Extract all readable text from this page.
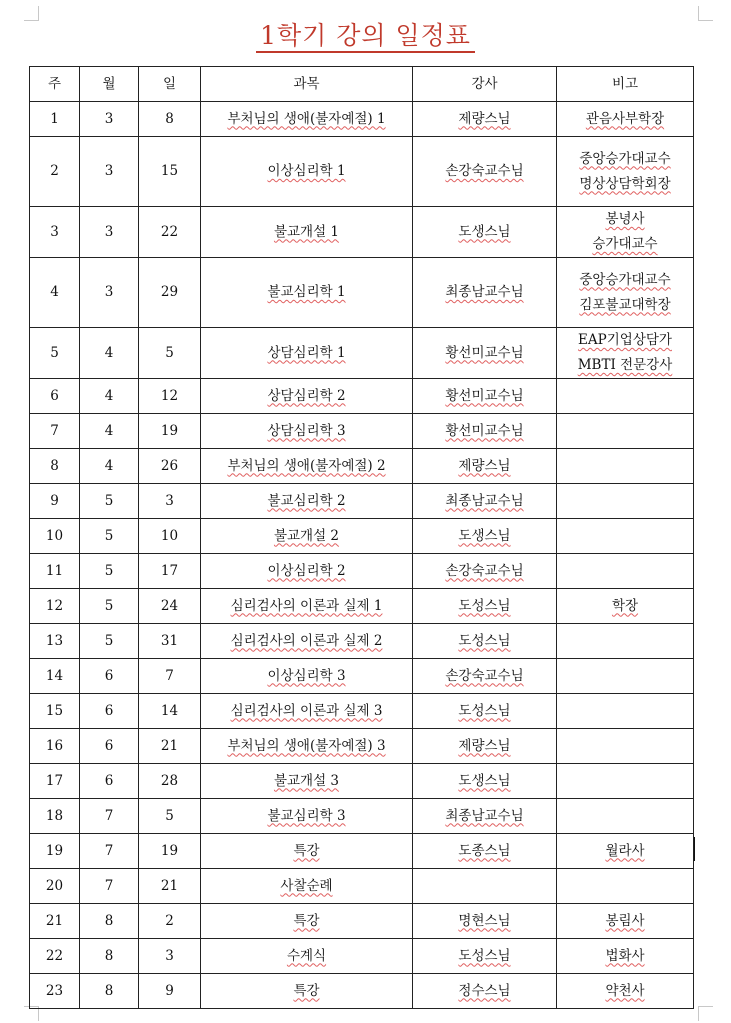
1학기 강의 일정표
주	월	일	과목	강사	비고
1	3	8	부처님의 생애(불자예절) 1	제량스님	관음사부학장

2	3	15	이상심리학 1	손강숙교수님	중앙승가대교수
명상상담학회장

3	3	22	불교개설 1	도생스님	봉녕사
승가대교수

4	3	29	불교심리학 1	최종남교수님	중앙승가대교수
김포불교대학장

5	4	5	상담심리학 1	황선미교수님	EAP기업상담가
MBTI 전문강사

6	4	12	상담심리학 2	황선미교수님	
7	4	19	상담심리학 3	황선미교수님	
8	4	26	부처님의 생애(불자예절) 2	제량스님	
9	5	3	불교심리학 2	최종남교수님	
10	5	10	불교개설 2	도생스님	
11	5	17	이상심리학 2	손강숙교수님	
12	5	24	심리검사의 이론과 실제 1	도성스님	학장

13	5	31	심리검사의 이론과 실제 2	도성스님	
14	6	7	이상심리학 3	손강숙교수님	
15	6	14	심리검사의 이론과 실제 3	도성스님	
16	6	21	부처님의 생애(불자예절) 3	제량스님	
17	6	28	불교개설 3	도생스님	
18	7	5	불교심리학 3	최종남교수님	
19	7	19	특강	도종스님	월라사

20	7	21	사찰순례		
21	8	2	특강	명현스님	봉림사

22	8	3	수계식	도성스님	법화사

23	8	9	특강	정수스님	약천사
